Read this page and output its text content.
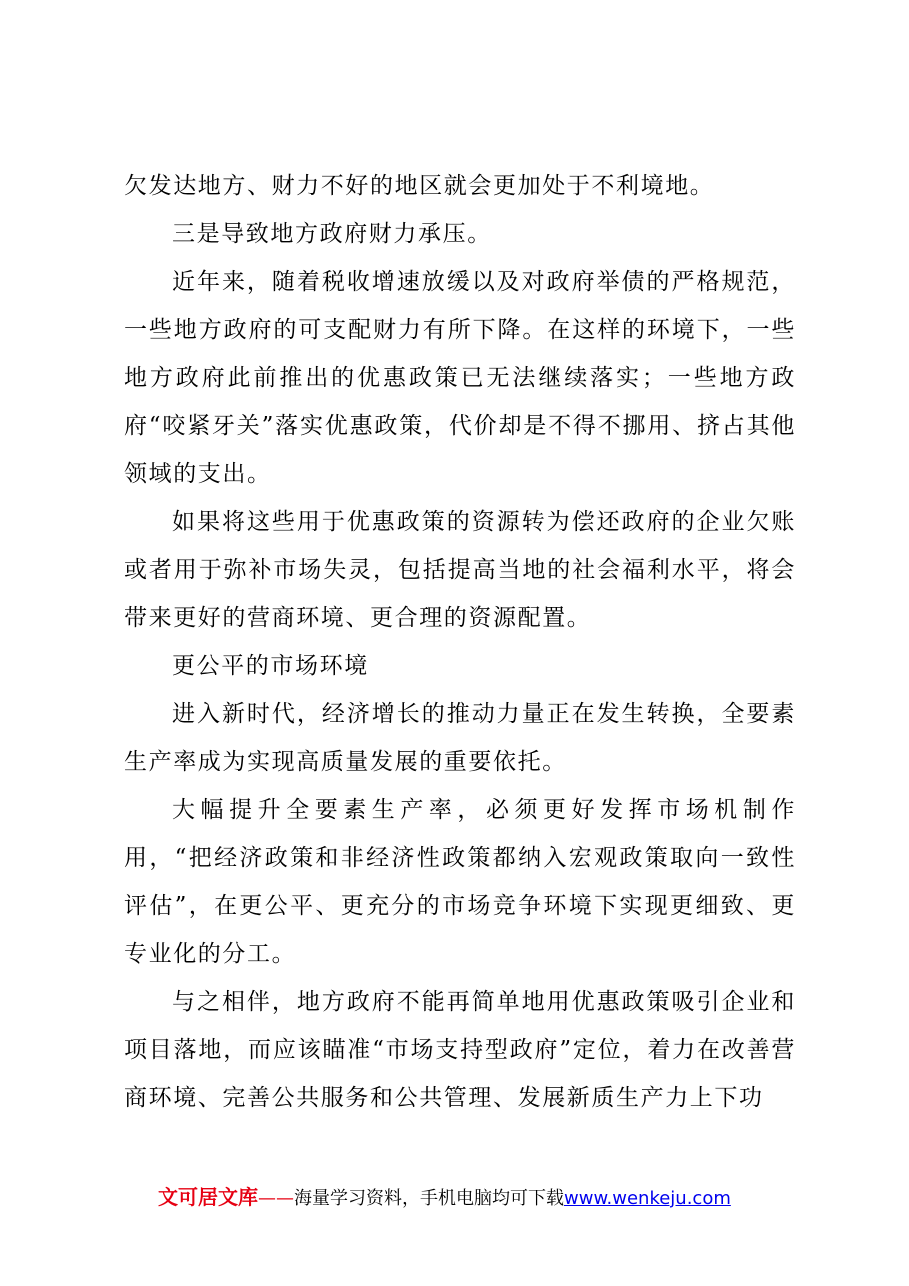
欠发达地方、财力不好的地区就会更加处于不利境地。

三是导致地方政府财力承压。

近年来，随着税收增速放缓以及对政府举债的严格规范，一些地方政府的可支配财力有所下降。在这样的环境下，一些地方政府此前推出的优惠政策已无法继续落实；一些地方政府“咬紧牙关”落实优惠政策，代价却是不得不挪用、挤占其他领域的支出。

如果将这些用于优惠政策的资源转为偿还政府的企业欠账或者用于弥补市场失灵，包括提高当地的社会福利水平，将会带来更好的营商环境、更合理的资源配置。

更公平的市场环境

进入新时代，经济增长的推动力量正在发生转换，全要素生产率成为实现高质量发展的重要依托。

大幅提升全要素生产率，必须更好发挥市场机制作用，“把经济政策和非经济性政策都纳入宏观政策取向一致性评估”，在更公平、更充分的市场竞争环境下实现更细致、更专业化的分工。

与之相伴，地方政府不能再简单地用优惠政策吸引企业和项目落地，而应该瞄准“市场支持型政府”定位，着力在改善营商环境、完善公共服务和公共管理、发展新质生产力上下功

文可居文库——海量学习资料，手机电脑均可下载www.wenkeju.com
